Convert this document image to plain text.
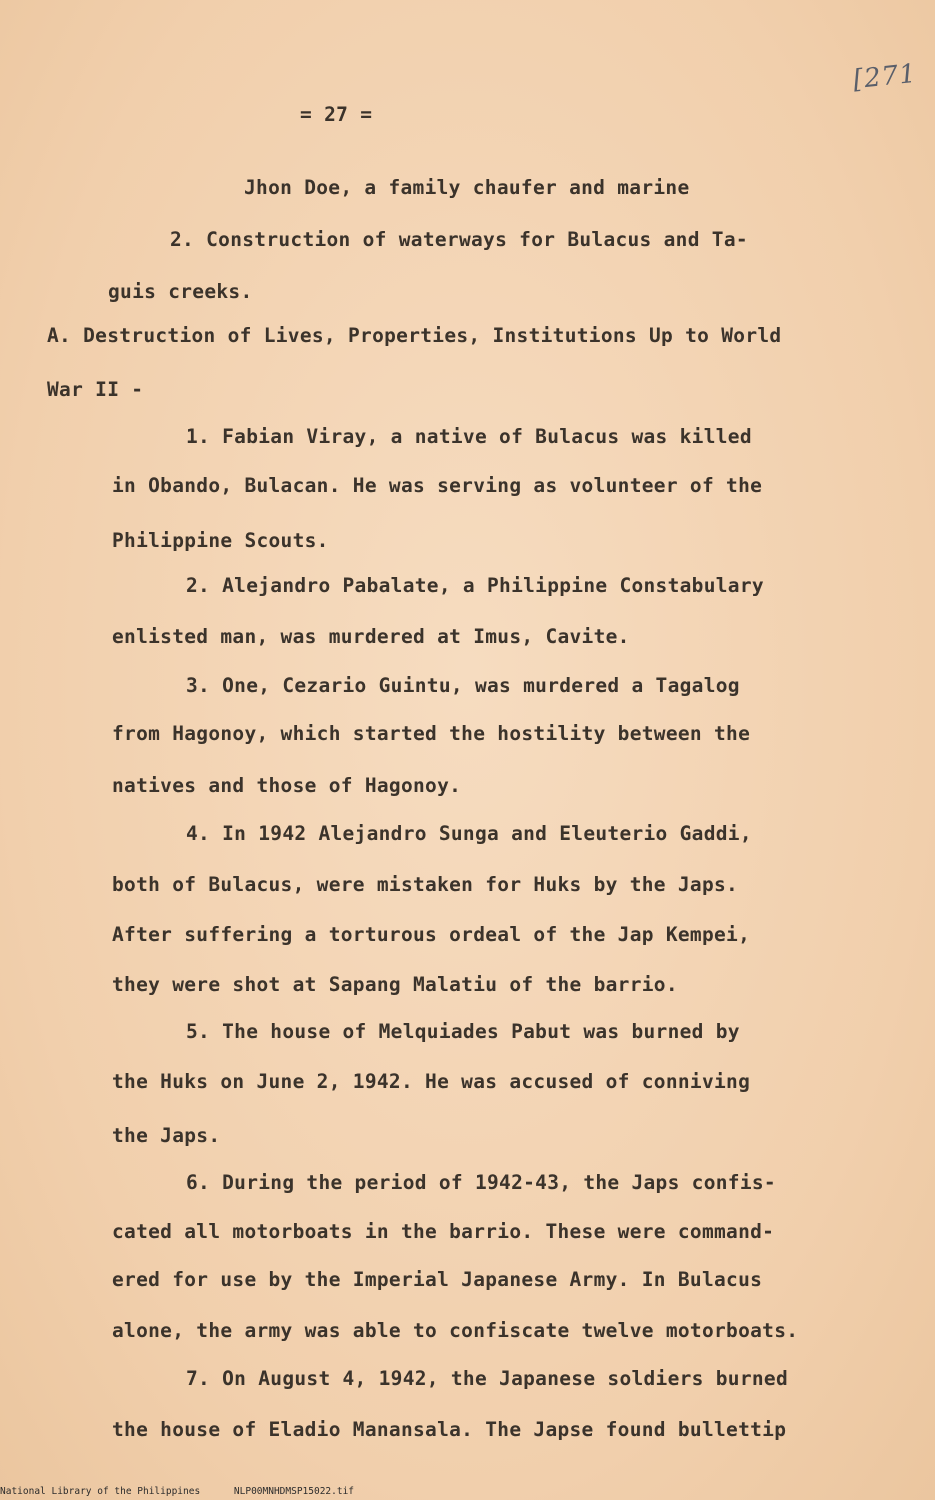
[271
= 27 =
Jhon Doe, a family chaufer and marine
2. Construction of waterways for Bulacus and Ta-
guis creeks.
A. Destruction of Lives, Properties, Institutions Up to World
War II -
1. Fabian Viray, a native of Bulacus was killed
in Obando, Bulacan. He was serving as volunteer of the
Philippine Scouts.
2. Alejandro Pabalate, a Philippine Constabulary
enlisted man, was murdered at Imus, Cavite.
3. One, Cezario Guintu, was murdered a Tagalog
from Hagonoy, which started the hostility between the
natives and those of Hagonoy.
4. In 1942 Alejandro Sunga and Eleuterio Gaddi,
both of Bulacus, were mistaken for Huks by the Japs.
After suffering a torturous ordeal of the Jap Kempei,
they were shot at Sapang Malatiu of the barrio.
5. The house of Melquiades Pabut was burned by
the Huks on June 2, 1942. He was accused of conniving
the Japs.
6. During the period of 1942-43, the Japs confis-
cated all motorboats in the barrio. These were command-
ered for use by the Imperial Japanese Army. In Bulacus
alone, the army was able to confiscate twelve motorboats.
7. On August 4, 1942, the Japanese soldiers burned
the house of Eladio Manansala. The Japse found bullettip
National Library of the Philippines	NLP00MNHDMSP15022.tif
